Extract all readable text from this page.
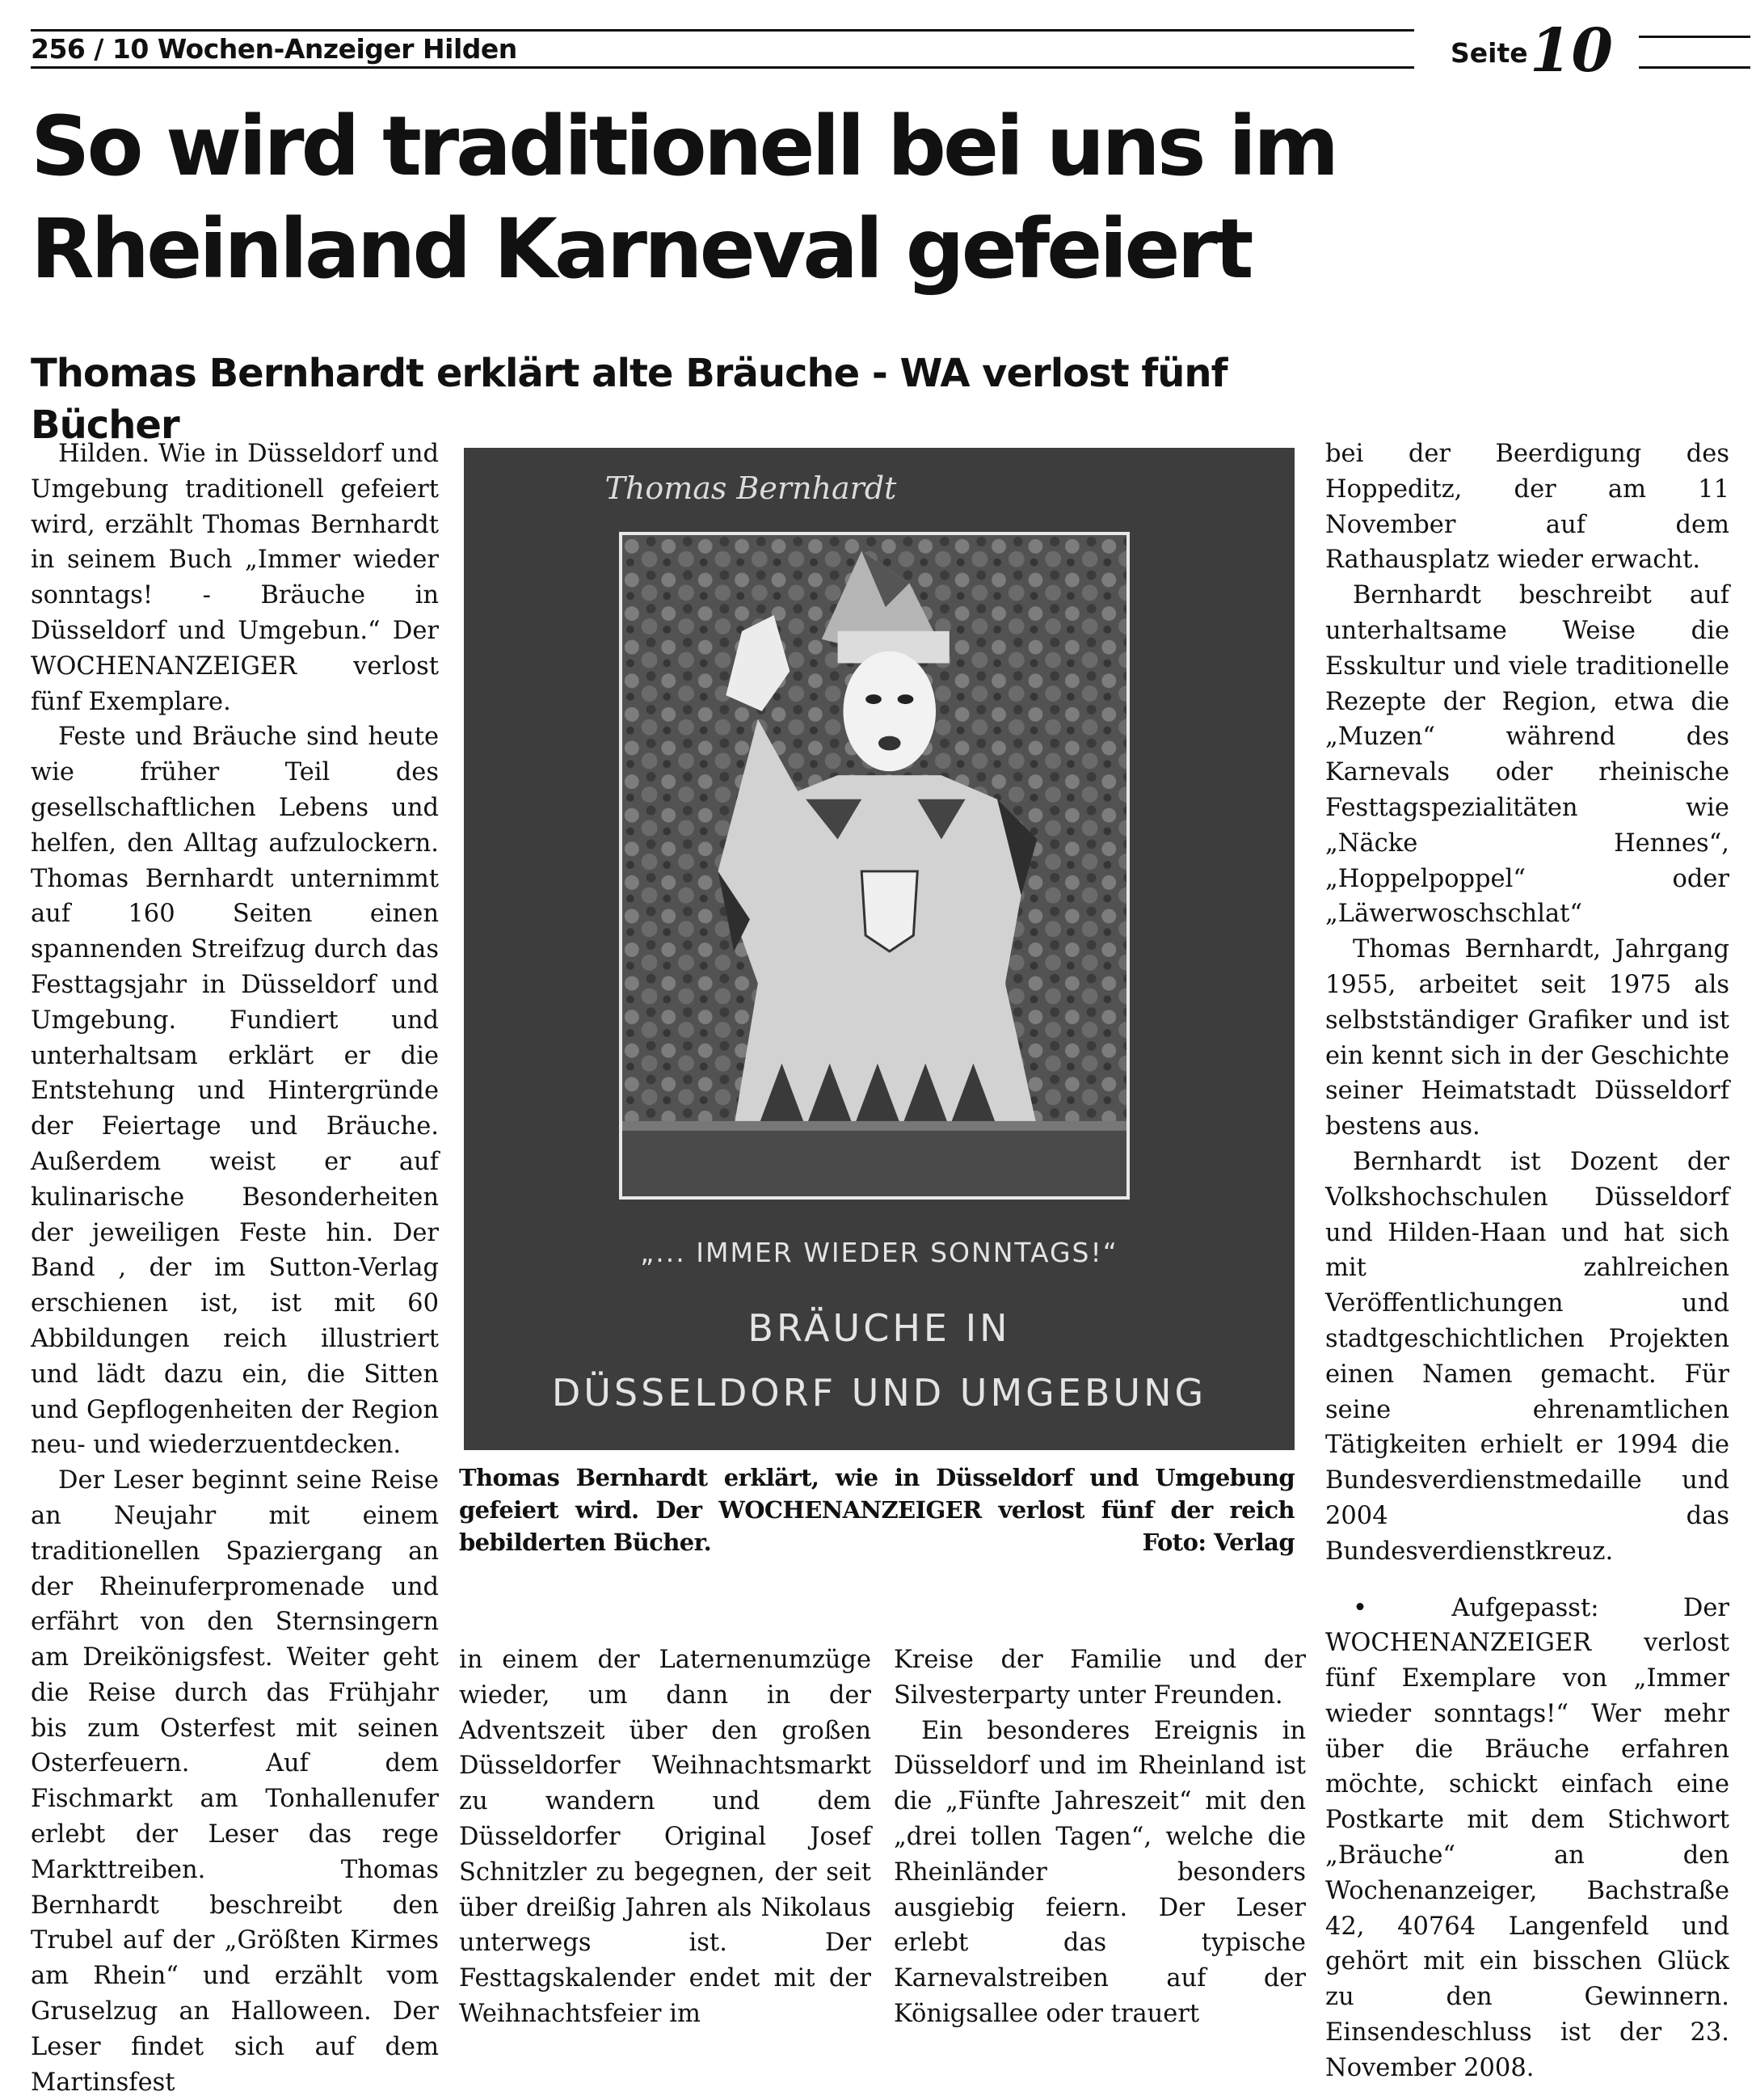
256 / 10 Wochen-Anzeiger Hilden	Seite 10
So wird traditionell bei uns im
Rheinland Karneval gefeiert
Thomas Bernhardt erklärt alte Bräuche - WA verlost fünf Bücher

Hilden. Wie in Düsseldorf und Umgebung traditionell gefeiert wird, erzählt Thomas Bernhardt in seinem Buch „Immer wieder sonntags! - Bräuche in Düsseldorf und Umgebun.“ Der WOCHENANZEIGER verlost fünf Exemplare.

Feste und Bräuche sind heute wie früher Teil des gesellschaftlichen Lebens und helfen, den Alltag aufzulockern. Thomas Bernhardt unternimmt auf 160 Seiten einen spannenden Streifzug durch das Festtagsjahr in Düsseldorf und Umgebung. Fundiert und unterhaltsam erklärt er die Entstehung und Hintergründe der Feiertage und Bräuche. Außerdem weist er auf kulinarische Besonderheiten der jeweiligen Feste hin. Der Band , der im Sutton-Verlag erschienen ist, ist mit 60 Abbildungen reich illustriert und lädt dazu ein, die Sitten und Gepflogenheiten der Region neu- und wiederzuentdecken.

Der Leser beginnt seine Reise an Neujahr mit einem traditionellen Spaziergang an der Rheinuferpromenade und erfährt von den Sternsingern am Dreikönigsfest. Weiter geht die Reise durch das Frühjahr bis zum Osterfest mit seinen Osterfeuern. Auf dem Fischmarkt am Tonhallenufer erlebt der Leser das rege Markttreiben. Thomas Bernhardt beschreibt den Trubel auf der „Größten Kirmes am Rhein“ und erzählt vom Gruselzug an Halloween. Der Leser findet sich auf dem Martinsfest

Thomas Bernhardt
„... IMMER WIEDER SONNTAGS!“
BRÄUCHE IN
DÜSSELDORF UND UMGEBUNG
Thomas Bernhardt erklärt, wie in Düsseldorf und Umgebung gefeiert wird. Der WOCHENANZEIGER verlost fünf der reich bebilderten Bücher.	Foto: Verlag

in einem der Laternenumzüge wieder, um dann in der Adventszeit über den großen Düsseldorfer Weihnachtsmarkt zu wandern und dem Düsseldorfer Original Josef Schnitzler zu begegnen, der seit über dreißig Jahren als Nikolaus unterwegs ist. Der Festtagskalender endet mit der Weihnachtsfeier im

Kreise der Familie und der Silvesterparty unter Freunden.

Ein besonderes Ereignis in Düsseldorf und im Rheinland ist die „Fünfte Jahreszeit“ mit den „drei tollen Tagen“, welche die Rheinländer besonders ausgiebig feiern. Der Leser erlebt das typische Karnevalstreiben auf der Königsallee oder trauert

bei der Beerdigung des Hoppeditz, der am 11 November auf dem Rathausplatz wieder erwacht.

Bernhardt beschreibt auf unterhaltsame Weise die Esskultur und viele traditionelle Rezepte der Region, etwa die „Muzen“ während des Karnevals oder rheinische Festtagspezialitäten wie „Näcke Hennes“, „Hoppelpoppel“ oder „Läwerwoschschlat“

Thomas Bernhardt, Jahrgang 1955, arbeitet seit 1975 als selbstständiger Grafiker und ist ein kennt sich in der Geschichte seiner Heimatstadt Düsseldorf bestens aus.

Bernhardt ist Dozent der Volkshochschulen Düsseldorf und Hilden-Haan und hat sich mit zahlreichen Veröffentlichungen und stadtgeschichtlichen Projekten einen Namen gemacht. Für seine ehrenamtlichen Tätigkeiten erhielt er 1994 die Bundesverdienstmedaille und 2004 das Bundesverdienstkreuz.

• Aufgepasst: Der WOCHENANZEIGER verlost fünf Exemplare von „Immer wieder sonntags!“ Wer mehr über die Bräuche erfahren möchte, schickt einfach eine Postkarte mit dem Stichwort „Bräuche“ an den Wochenanzeiger, Bachstraße 42, 40764 Langenfeld und gehört mit ein bisschen Glück zu den Gewinnern. Einsendeschluss ist der 23. November 2008.
